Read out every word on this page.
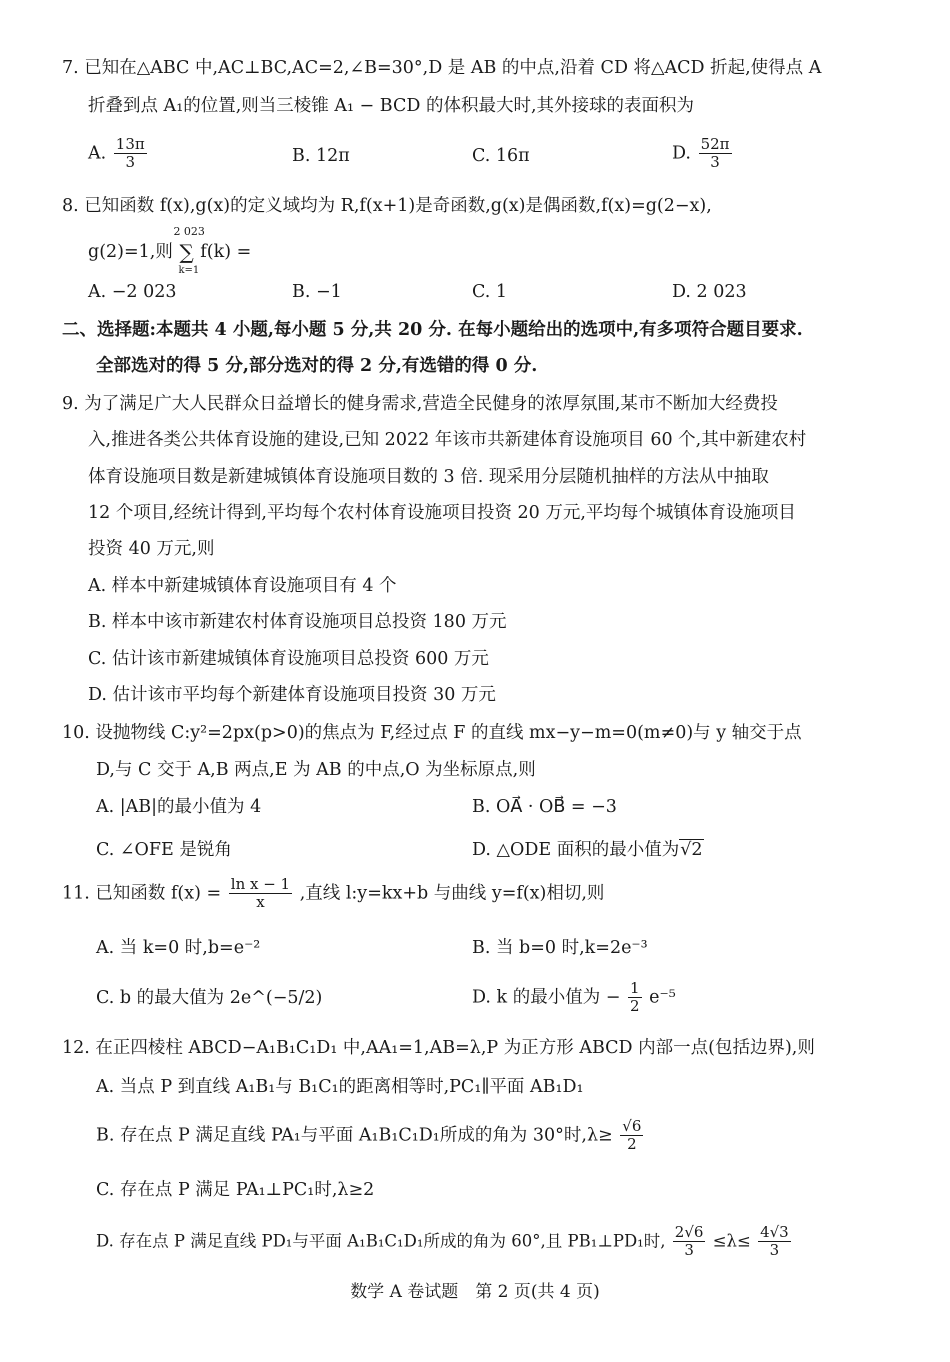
7. 已知在△ABC 中,AC⊥BC,AC=2,∠B=30°,D 是 AB 的中点,沿着 CD 将△ACD 折起,使得点 A
折叠到点 A₁的位置,则当三棱锥 A₁ − BCD 的体积最大时,其外接球的表面积为
A. $\frac{13\pi}{3}$	B. 12π	C. 16π	D. $\frac{52\pi}{3}$
8. 已知函数 f(x),g(x)的定义域均为 R,f(x+1)是奇函数,g(x)是偶函数,f(x)=g(2−x),
g(2)=1,则
2 023
∑
k=1
f(k) =
A. −2 023	B. −1	C. 1	D. 2 023
二、选择题:本题共 4 小题,每小题 5 分,共 20 分. 在每小题给出的选项中,有多项符合题目要求.
全部选对的得 5 分,部分选对的得 2 分,有选错的得 0 分.
9. 为了满足广大人民群众日益增长的健身需求,营造全民健身的浓厚氛围,某市不断加大经费投
入,推进各类公共体育设施的建设,已知 2022 年该市共新建体育设施项目 60 个,其中新建农村
体育设施项目数是新建城镇体育设施项目数的 3 倍. 现采用分层随机抽样的方法从中抽取
12 个项目,经统计得到,平均每个农村体育设施项目投资 20 万元,平均每个城镇体育设施项目
投资 40 万元,则
A. 样本中新建城镇体育设施项目有 4 个
B. 样本中该市新建农村体育设施项目总投资 180 万元
C. 估计该市新建城镇体育设施项目总投资 600 万元
D. 估计该市平均每个新建体育设施项目投资 30 万元
10. 设抛物线 C:y²=2px(p>0)的焦点为 F,经过点 F 的直线 mx−y−m=0(m≠0)与 y 轴交于点
D,与 C 交于 A,B 两点,E 为 AB 的中点,O 为坐标原点,则
A. |AB|的最小值为 4	B. OA⃗ · OB⃗ = −3
C. ∠OFE 是锐角	D. △ODE 面积的最小值为√2
11. 已知函数 $f(x) = \frac{\text{ln x − 1}}{x}$ ,直线 l:y=kx+b 与曲线 y=f(x)相切,则
A. 当 k=0 时,b=e⁻²	B. 当 b=0 时,k=2e⁻³
C. b 的最大值为 2e^(−5/2)	D. k 的最小值为 − $\frac{1}{2} e^{-5}$
12. 在正四棱柱 ABCD−A₁B₁C₁D₁ 中,AA₁=1,AB=λ,P 为正方形 ABCD 内部一点(包括边界),则
A. 当点 P 到直线 A₁B₁与 B₁C₁的距离相等时,PC₁∥平面 AB₁D₁
B. 存在点 P 满足直线 PA₁与平面 A₁B₁C₁D₁所成的角为 30°时$,\lambda\ge \frac{√6}{2}$
C. 存在点 P 满足 PA₁⊥PC₁时,λ≥2
D. 存在点 P 满足直线 PD₁与平面 A₁B₁C₁D₁所成的角为 60°,且 PB₁⊥PD₁时, $\frac{2√6}{3} \le\lambda\le \frac{4√3}{3}$
数学 A 卷试题　第 2 页(共 4 页)
